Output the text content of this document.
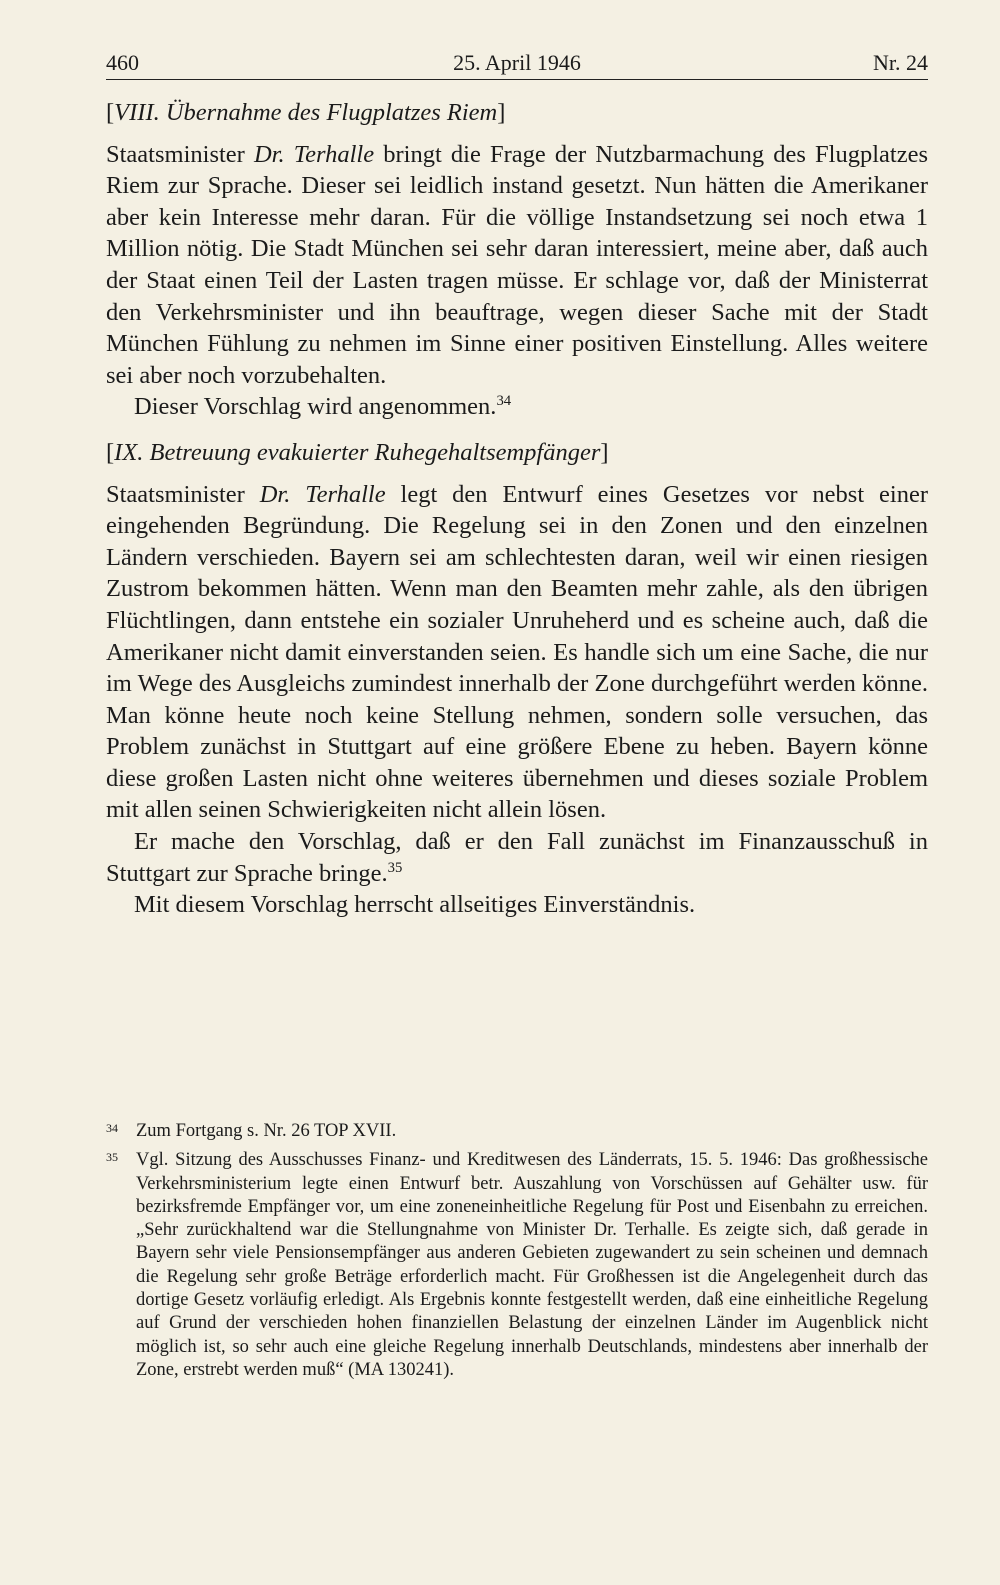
460	25. April 1946	Nr. 24

[VIII. Übernahme des Flugplatzes Riem]

Staatsminister Dr. Terhalle bringt die Frage der Nutzbarmachung des Flugplatzes Riem zur Sprache. Dieser sei leidlich instand gesetzt. Nun hätten die Amerikaner aber kein Interesse mehr daran. Für die völlige Instandsetzung sei noch etwa 1 Million nötig. Die Stadt München sei sehr daran interessiert, meine aber, daß auch der Staat einen Teil der Lasten tragen müsse. Er schlage vor, daß der Ministerrat den Verkehrsminister und ihn beauftrage, wegen dieser Sache mit der Stadt München Fühlung zu nehmen im Sinne einer positiven Einstellung. Alles weitere sei aber noch vorzubehalten.

Dieser Vorschlag wird angenommen.$^{34}$

[IX. Betreuung evakuierter Ruhegehaltsempfänger]

Staatsminister Dr. Terhalle legt den Entwurf eines Gesetzes vor nebst einer eingehenden Begründung. Die Regelung sei in den Zonen und den einzelnen Ländern verschieden. Bayern sei am schlechtesten daran, weil wir einen riesigen Zustrom bekommen hätten. Wenn man den Beamten mehr zahle, als den übrigen Flüchtlingen, dann entstehe ein sozialer Unruheherd und es scheine auch, daß die Amerikaner nicht damit einverstanden seien. Es handle sich um eine Sache, die nur im Wege des Ausgleichs zumindest innerhalb der Zone durchgeführt werden könne. Man könne heute noch keine Stellung nehmen, sondern solle versuchen, das Problem zunächst in Stuttgart auf eine größere Ebene zu heben. Bayern könne diese großen Lasten nicht ohne weiteres übernehmen und dieses soziale Problem mit allen seinen Schwierigkeiten nicht allein lösen.

Er mache den Vorschlag, daß er den Fall zunächst im Finanzausschuß in Stuttgart zur Sprache bringe.$^{35}$

Mit diesem Vorschlag herrscht allseitiges Einverständnis.

34 Zum Fortgang s. Nr. 26 TOP XVII.

35 Vgl. Sitzung des Ausschusses Finanz- und Kreditwesen des Länderrats, 15. 5. 1946: Das großhessische Verkehrsministerium legte einen Entwurf betr. Auszahlung von Vorschüssen auf Gehälter usw. für bezirksfremde Empfänger vor, um eine zoneneinheitliche Regelung für Post und Eisenbahn zu erreichen. „Sehr zurückhaltend war die Stellungnahme von Minister Dr. Terhalle. Es zeigte sich, daß gerade in Bayern sehr viele Pensionsempfänger aus anderen Gebieten zugewandert zu sein scheinen und demnach die Regelung sehr große Beträge erforderlich macht. Für Großhessen ist die Angelegenheit durch das dortige Gesetz vorläufig erledigt. Als Ergebnis konnte festgestellt werden, daß eine einheitliche Regelung auf Grund der verschieden hohen finanziellen Belastung der einzelnen Länder im Augenblick nicht möglich ist, so sehr auch eine gleiche Regelung innerhalb Deutschlands, mindestens aber innerhalb der Zone, erstrebt werden muß“ (MA 130241).
